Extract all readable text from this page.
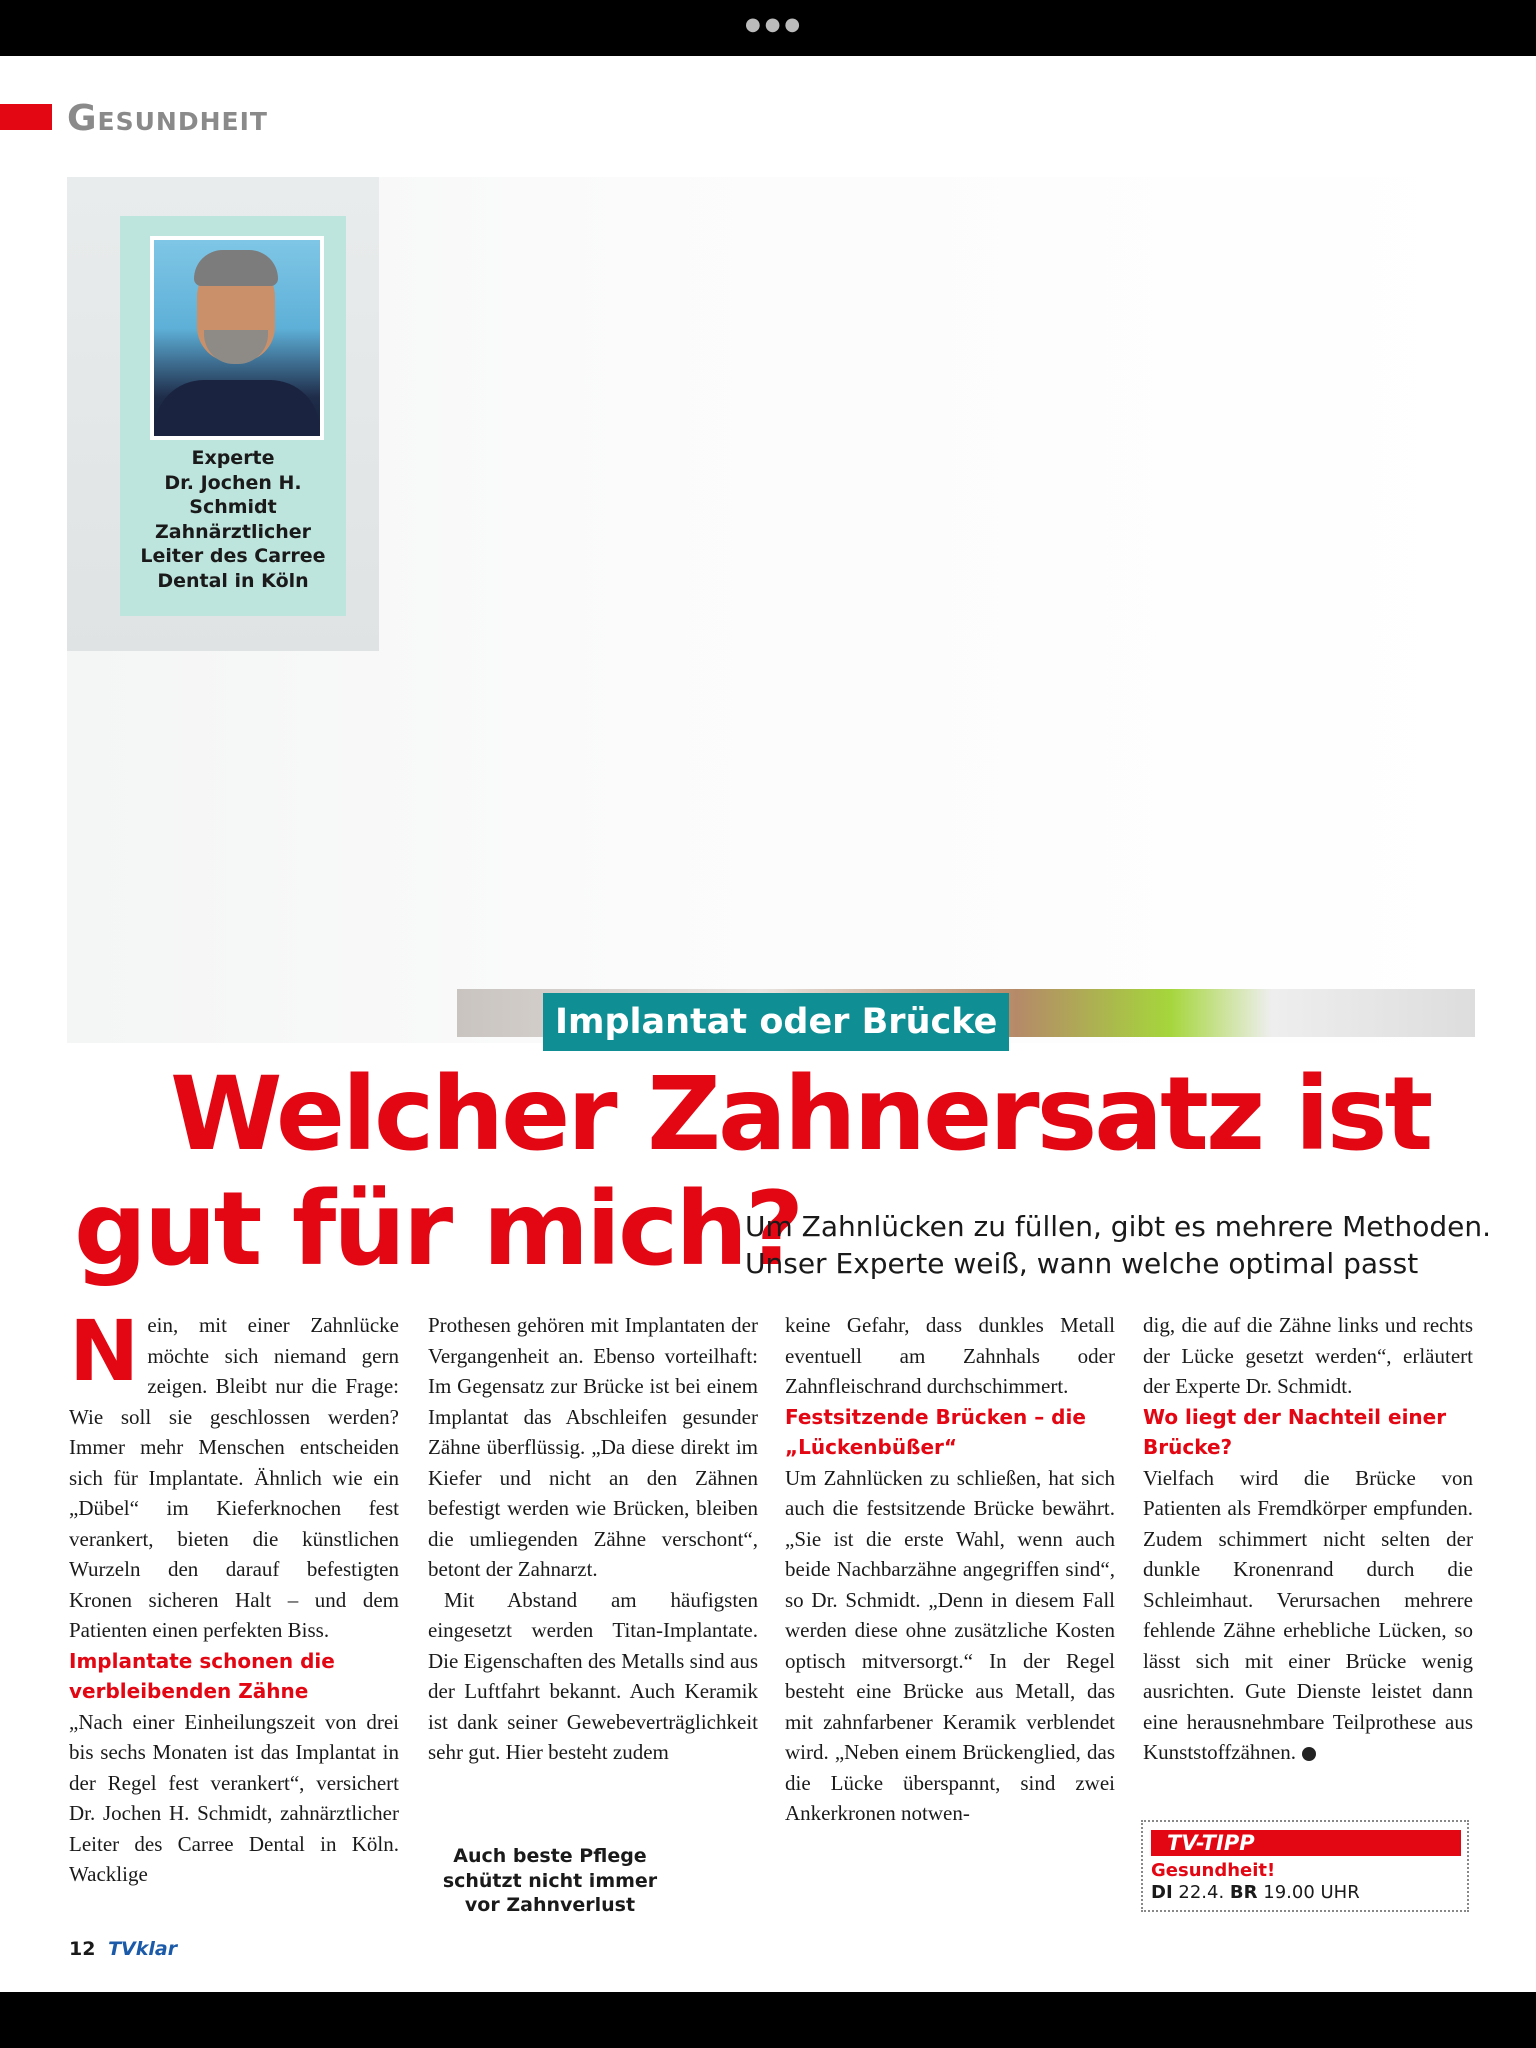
●●●
Gesundheit
Experte
Dr. Jochen H.
Schmidt
Zahnärztlicher
Leiter des Carree
Dental in Köln
Implantat oder Brücke
Welcher Zahnersatz ist
gut für mich?
Um Zahnlücken zu füllen, gibt es mehrere Methoden.
Unser Experte weiß, wann welche optimal passt
N ein, mit einer Zahnlücke möchte sich niemand gern zeigen. Bleibt nur die Frage: Wie soll sie geschlossen werden? Immer mehr Menschen entscheiden sich für Implantate. Ähnlich wie ein „Dübel“ im Kieferknochen fest verankert, bieten die künstlichen Wurzeln den darauf befestigten Kronen sicheren Halt – und dem Patienten einen perfekten Biss.

Implantate schonen die verbleibenden Zähne

„Nach einer Einheilungszeit von drei bis sechs Monaten ist das Implantat in der Regel fest verankert“, versichert Dr. Jochen H. Schmidt, zahnärztlicher Leiter des Carree Dental in Köln. Wacklige

Prothesen gehören mit Implantaten der Vergangenheit an. Ebenso vorteilhaft: Im Gegensatz zur Brücke ist bei einem Implantat das Abschleifen gesunder Zähne überflüssig. „Da diese direkt im Kiefer und nicht an den Zähnen befestigt werden wie Brücken, bleiben die umliegenden Zähne verschont“, betont der Zahnarzt.

Mit Abstand am häufigsten eingesetzt werden Titan-Implantate. Die Eigenschaften des Metalls sind aus der Luftfahrt bekannt. Auch Keramik ist dank seiner Gewebeverträglichkeit sehr gut. Hier besteht zudem

Auch beste Pflege
schützt nicht immer
vor Zahnverlust

keine Gefahr, dass dunkles Metall eventuell am Zahnhals oder Zahnfleischrand durchschimmert.

Festsitzende Brücken – die „Lückenbüßer“

Um Zahnlücken zu schließen, hat sich auch die festsitzende Brücke bewährt. „Sie ist die erste Wahl, wenn auch beide Nachbarzähne angegriffen sind“, so Dr. Schmidt. „Denn in diesem Fall werden diese ohne zusätzliche Kosten optisch mitversorgt.“ In der Regel besteht eine Brücke aus Metall, das mit zahnfarbener Keramik verblendet wird. „Neben einem Brückenglied, das die Lücke überspannt, sind zwei Ankerkronen notwen-

dig, die auf die Zähne links und rechts der Lücke gesetzt werden“, erläutert der Experte Dr. Schmidt.

Wo liegt der Nachteil einer Brücke?

Vielfach wird die Brücke von Patienten als Fremdkörper empfunden. Zudem schimmert nicht selten der dunkle Kronenrand durch die Schleimhaut. Verursachen mehrere fehlende Zähne erhebliche Lücken, so lässt sich mit einer Brücke wenig ausrichten. Gute Dienste leistet dann eine herausnehmbare Teilprothese aus Kunststoffzähnen.

TV-TIPP
Gesundheit!
DI 22.4. BR 19.00 UHR
12 TVklar
